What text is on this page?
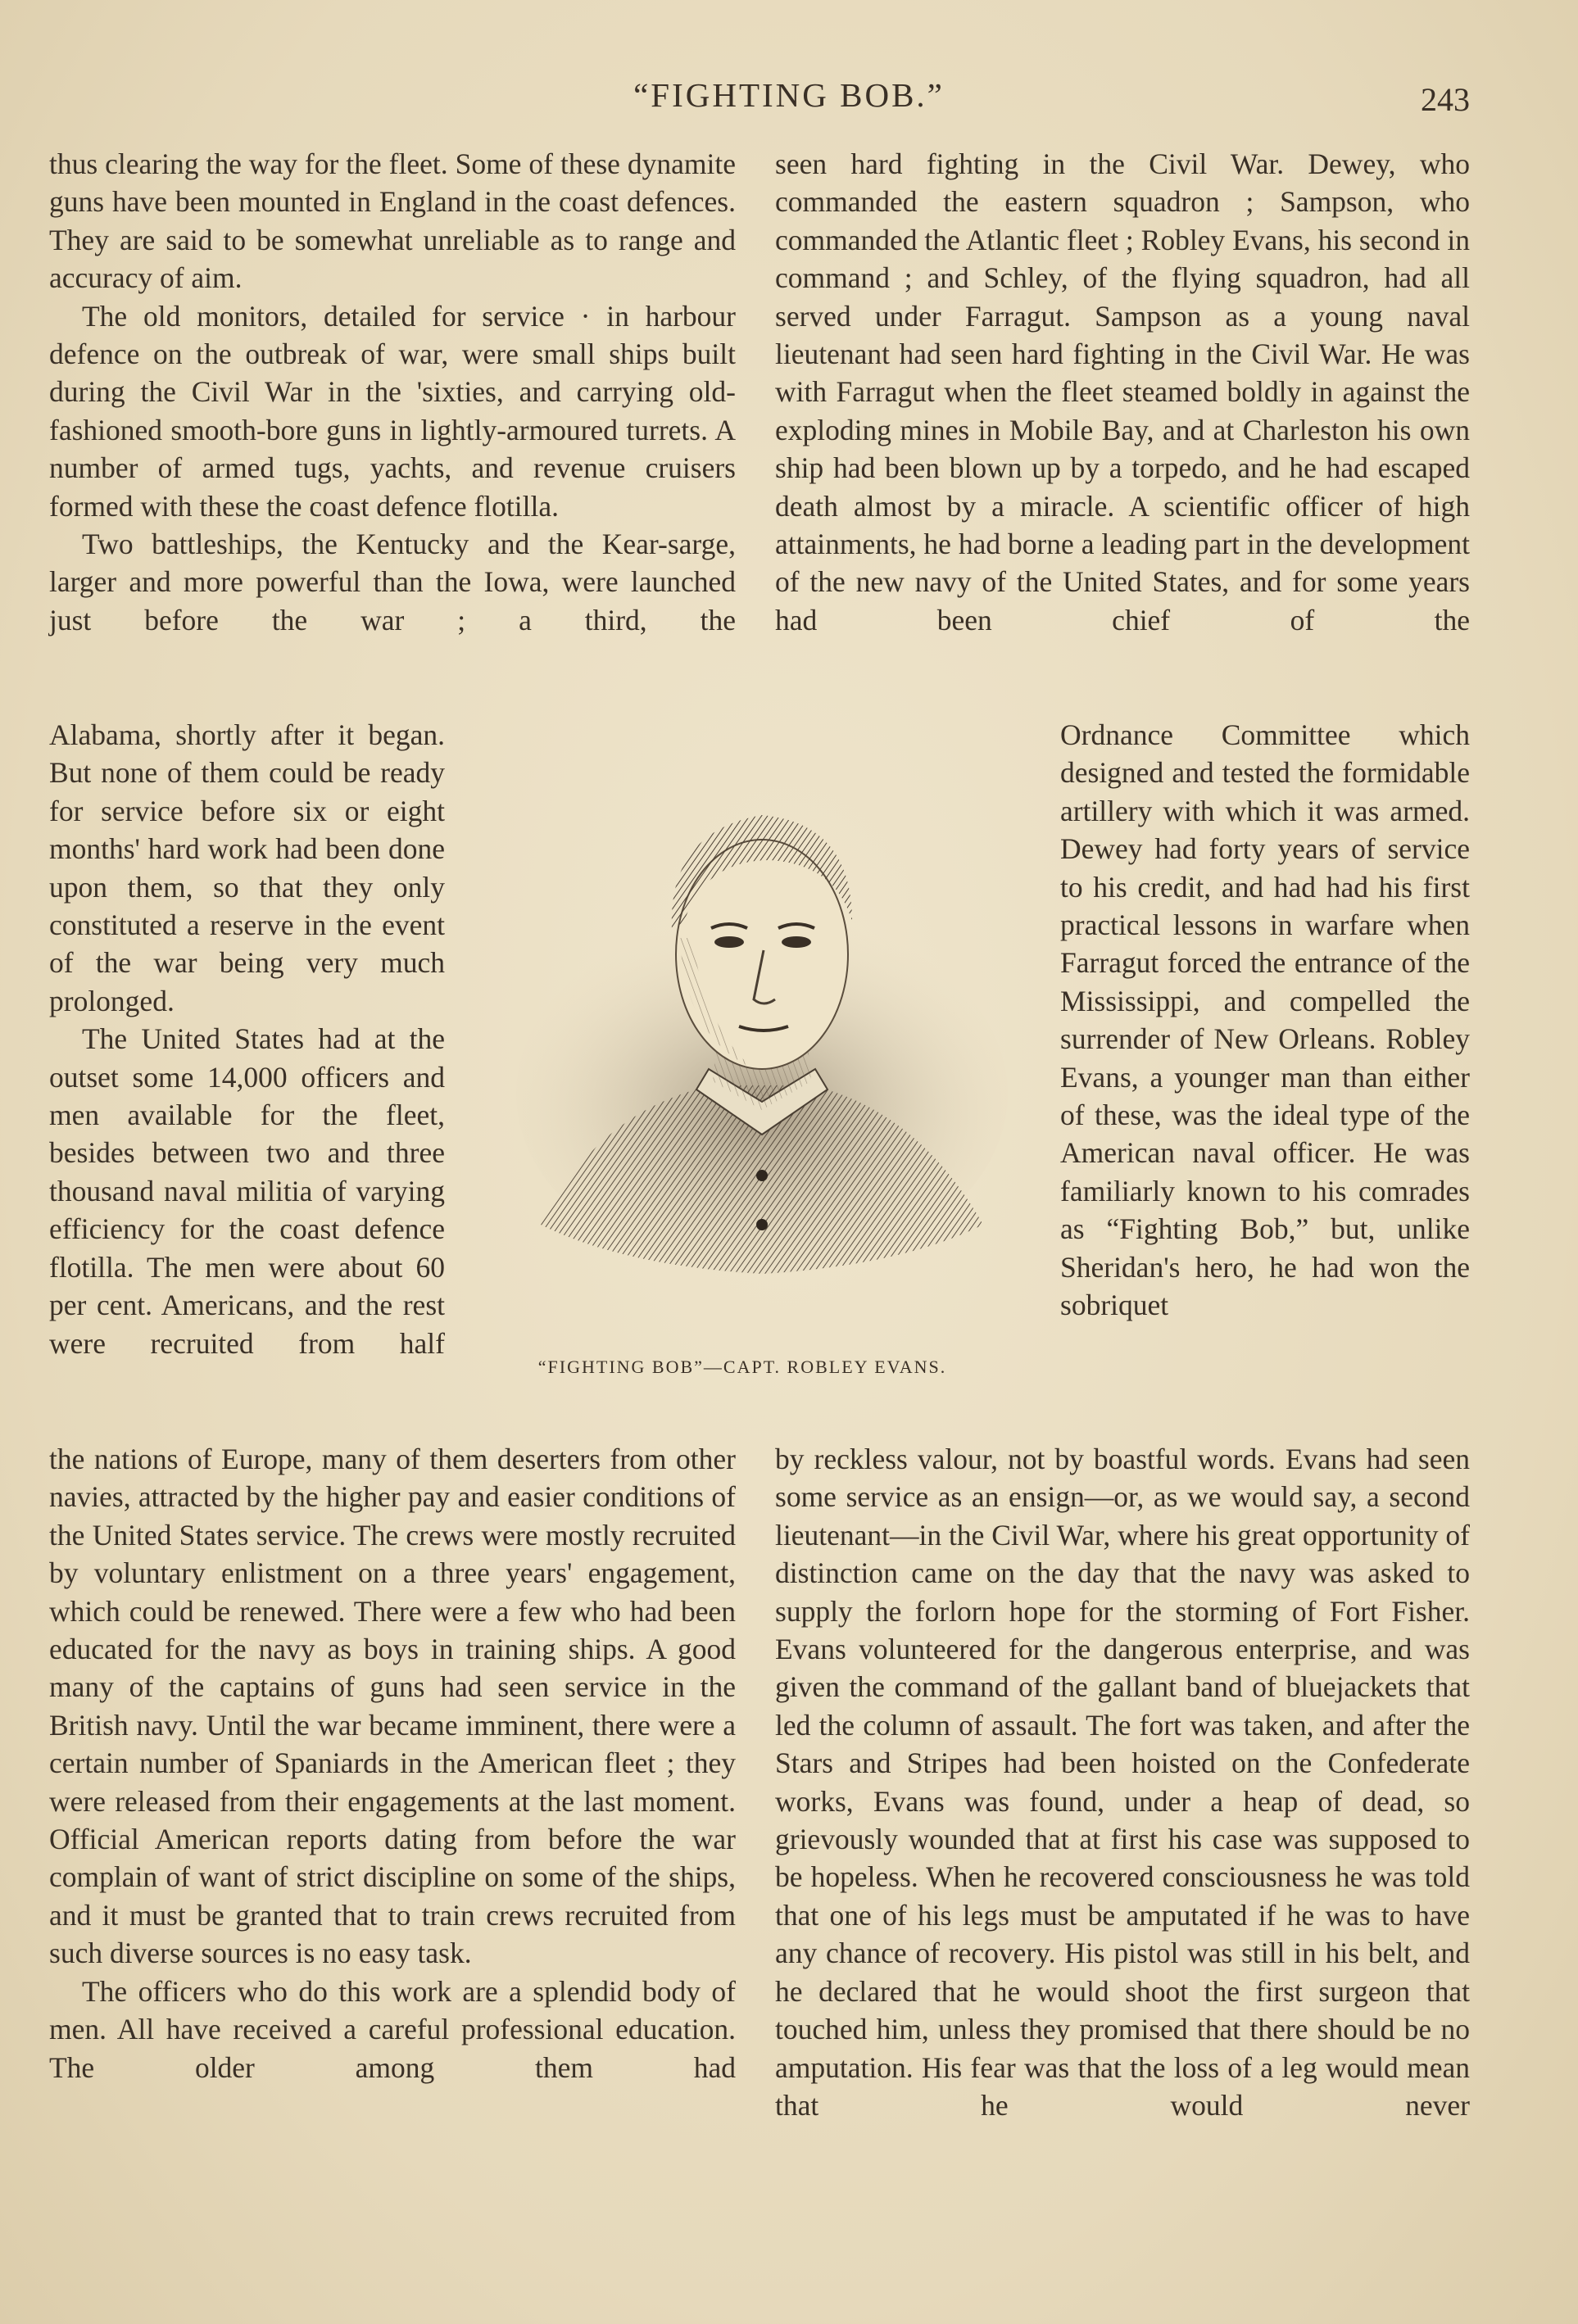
“FIGHTING BOB.”	243

thus clearing the way for the fleet. Some of these dynamite guns have been mounted in England in the coast defences. They are said to be somewhat unreliable as to range and accuracy of aim.

The old monitors, detailed for service · in harbour defence on the outbreak of war, were small ships built during the Civil War in the 'sixties, and carrying old-fashioned smooth-bore guns in lightly-armoured turrets. A number of armed tugs, yachts, and revenue cruisers formed with these the coast defence flotilla.

Two battleships, the Kentucky and the Kear-sarge, larger and more powerful than the Iowa, were launched just before the war ; a third, the

Alabama, shortly after it began. But none of them could be ready for service before six or eight months' hard work had been done upon them, so that they only constituted a reserve in the event of the war being very much prolonged.

The United States had at the outset some 14,000 officers and men available for the fleet, besides between two and three thousand naval militia of varying efficiency for the coast defence flotilla. The men were about 60 per cent. Americans, and the rest were recruited from half

the nations of Europe, many of them deserters from other navies, attracted by the higher pay and easier conditions of the United States service. The crews were mostly recruited by voluntary enlistment on a three years' engagement, which could be renewed. There were a few who had been educated for the navy as boys in training ships. A good many of the captains of guns had seen service in the British navy. Until the war became imminent, there were a certain number of Spaniards in the American fleet ; they were released from their engagements at the last moment. Official American reports dating from before the war complain of want of strict discipline on some of the ships, and it must be granted that to train crews recruited from such diverse sources is no easy task.

The officers who do this work are a splendid body of men. All have received a careful professional education. The older among them had

seen hard fighting in the Civil War. Dewey, who commanded the eastern squadron ; Sampson, who commanded the Atlantic fleet ; Robley Evans, his second in command ; and Schley, of the flying squadron, had all served under Farragut. Sampson as a young naval lieutenant had seen hard fighting in the Civil War. He was with Farragut when the fleet steamed boldly in against the exploding mines in Mobile Bay, and at Charleston his own ship had been blown up by a torpedo, and he had escaped death almost by a miracle. A scientific officer of high attainments, he had borne a leading part in the development of the new navy of the United States, and for some years had been chief of the

Ordnance Committee which designed and tested the formidable artillery with which it was armed. Dewey had forty years of service to his credit, and had had his first practical lessons in warfare when Farragut forced the entrance of the Mississippi, and compelled the surrender of New Orleans. Robley Evans, a younger man than either of these, was the ideal type of the American naval officer. He was familiarly known to his comrades as “Fighting Bob,” but, unlike Sheridan's hero, he had won the sobriquet

by reckless valour, not by boastful words. Evans had seen some service as an ensign—or, as we would say, a second lieutenant—in the Civil War, where his great opportunity of distinction came on the day that the navy was asked to supply the forlorn hope for the storming of Fort Fisher. Evans volunteered for the dangerous enterprise, and was given the command of the gallant band of bluejackets that led the column of assault. The fort was taken, and after the Stars and Stripes had been hoisted on the Confederate works, Evans was found, under a heap of dead, so grievously wounded that at first his case was supposed to be hopeless. When he recovered consciousness he was told that one of his legs must be amputated if he was to have any chance of recovery. His pistol was still in his belt, and he declared that he would shoot the first surgeon that touched him, unless they promised that there should be no amputation. His fear was that the loss of a leg would mean that he would never

“FIGHTING BOB”—CAPT. ROBLEY EVANS.
